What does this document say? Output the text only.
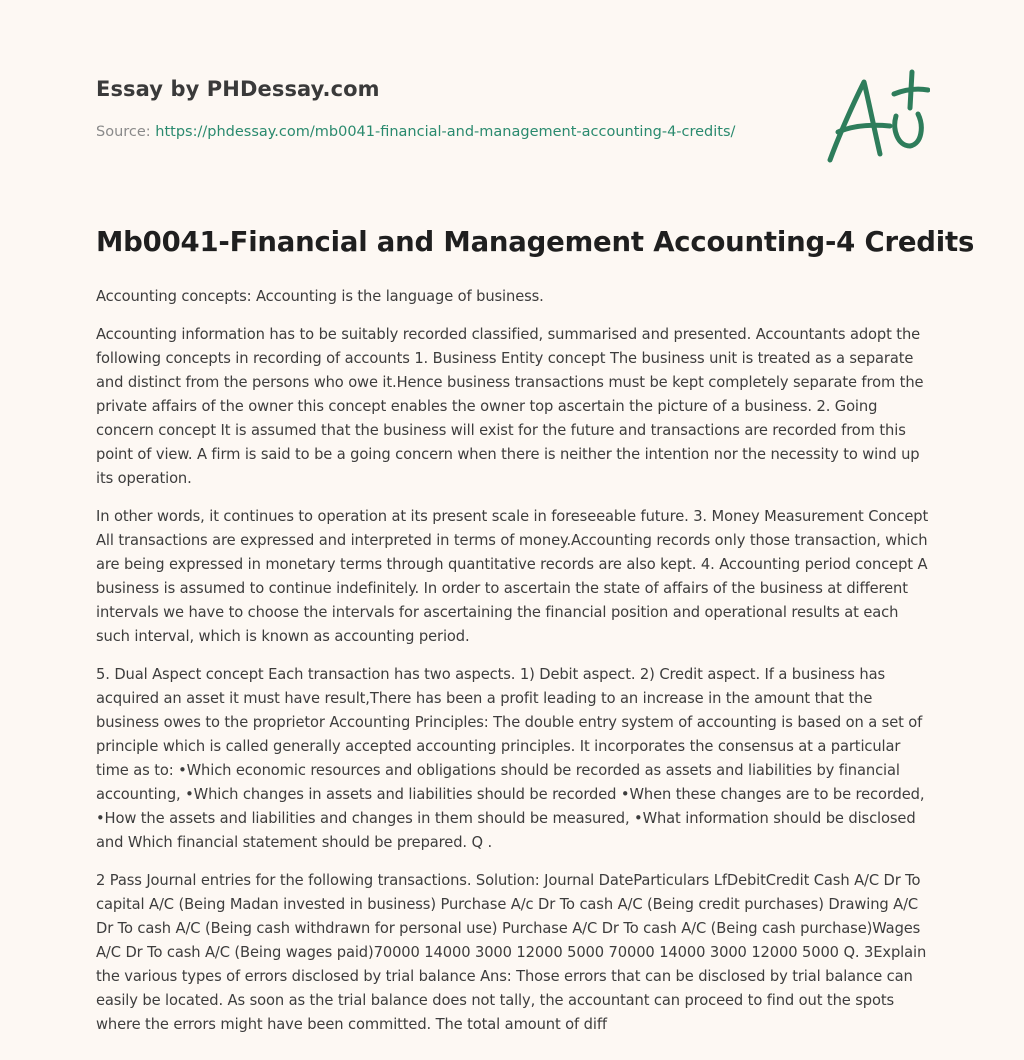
Essay by PHDessay.com
Source: https://phdessay.com/mb0041-financial-and-management-accounting-4-credits/
Mb0041-Financial and Management Accounting-4 Credits

Accounting concepts: Accounting is the language of business.

Accounting information has to be suitably recorded classified, summarised and presented. Accountants adopt the following concepts in recording of accounts 1. Business Entity concept The business unit is treated as a separate and distinct from the persons who owe it.Hence business transactions must be kept completely separate from the private affairs of the owner this concept enables the owner top ascertain the picture of a business. 2. Going concern concept It is assumed that the business will exist for the future and transactions are recorded from this point of view. A firm is said to be a going concern when there is neither the intention nor the necessity to wind up its operation.

In other words, it continues to operation at its present scale in foreseeable future. 3. Money Measurement Concept All transactions are expressed and interpreted in terms of money.Accounting records only those transaction, which are being expressed in monetary terms through quantitative records are also kept. 4. Accounting period concept A business is assumed to continue indefinitely. In order to ascertain the state of affairs of the business at different intervals we have to choose the intervals for ascertaining the financial position and operational results at each such interval, which is known as accounting period.

5. Dual Aspect concept Each transaction has two aspects. 1) Debit aspect. 2) Credit aspect. If a business has acquired an asset it must have result,There has been a profit leading to an increase in the amount that the business owes to the proprietor Accounting Principles: The double entry system of accounting is based on a set of principle which is called generally accepted accounting principles. It incorporates the consensus at a particular time as to: •Which economic resources and obligations should be recorded as assets and liabilities by financial accounting, •Which changes in assets and liabilities should be recorded •When these changes are to be recorded, •How the assets and liabilities and changes in them should be measured, •What information should be disclosed and Which financial statement should be prepared. Q .

2 Pass Journal entries for the following transactions. Solution: Journal DateParticulars LfDebitCredit Cash A/C Dr To capital A/C (Being Madan invested in business) Purchase A/c Dr To cash A/C (Being credit purchases) Drawing A/C Dr To cash A/C (Being cash withdrawn for personal use) Purchase A/C Dr To cash A/C (Being cash purchase)Wages A/C Dr To cash A/C (Being wages paid)70000 14000 3000 12000 5000 70000 14000 3000 12000 5000 Q. 3Explain the various types of errors disclosed by trial balance Ans: Those errors that can be disclosed by trial balance can easily be located. As soon as the trial balance does not tally, the accountant can proceed to find out the spots where the errors might have been committed. The total amount of diff
